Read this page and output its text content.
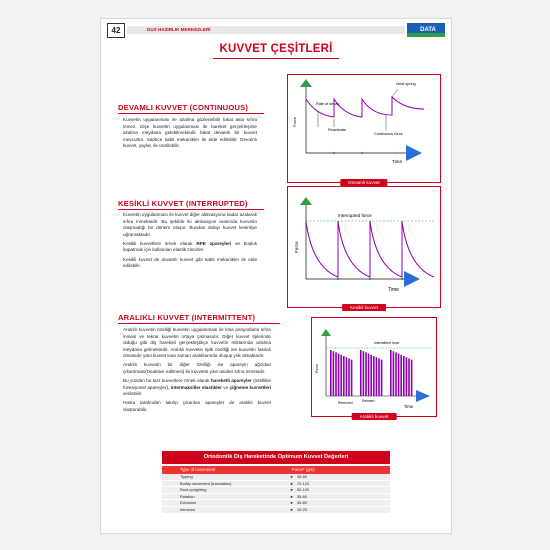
42	DUS HAZIRLIK MERKEZLERİ	DATA
KUVVET ÇEŞİTLERİ
DEVAMLI KUVVET (CONTINUOUS)
Kuvvetin uygulanması ile azalma gözlenebilir fakat asla sıfıra inmez. Dişe kuvvetin uygulanması ile hareket gerçekleşirse azalma meydana gelebilmektedir fakat devamlı bir kuvvet mevcuttur. Sadece sabit mekanikler ile elde edilebilir. Devamlı kuvvet, yaylar, ile üretilebilir.
Force
Rate of decay
Ideal spring
Reactivate
Continuous force
Time
Devamlı kuvvet
KESİKLİ KUVVET (INTERRUPTED)

Kuvvetin uygulanması ile kuvvet diğer aktivasyona kadar azalarak sıfıra inmektedir. Bu şekilde iki aktivasyon arasında kuvvetin oluşmadığı bir dönem oluşur. Bundan dolayı kuvvet kesintiye uğramaktadır.

Kesikli kuvvetlere örnek olarak RPE apareyleri ve boşluk kapatmak için kullanılan elastik zincirler.

Kesikli kuvvet de devamlı kuvvet gibi sabit mekanikler ile elde edilebilir.

Force
Interrupted force
Time
Kesikli kuvvet
ARALIKLI KUVVET (INTERMİTTENT)

Aralıklı kuvvetin özelliği kuvvetin uygulanması ile kısa periyodlarla sıfıra inmesi ve tekrar kuvvetin ortaya çıkmasıdır. Diğer kuvvet tiplerinde olduğu gibi diş hareketi gerçekleştikçe kuvvetin miktarında azalma meydana gelmektedir. Aralıklı kuvvetin tipik özelliği ise kuvvetin fasılalı olmasıdır yani kuvvet kısa zaman aralıklarında oluşup yok olmaktadır.

Aralıklı kuvvetin bir diğer özelliği ise apareyin ağızdan çıkarılması(Deaktive edilmesi) ile kuvvetin yine aniden sıfıra inmesidir.

Bu yüzden bu tarz kuvvetlere örnek olarak hareketli apareyler (özellikle fonksiyonel apareyler), intermaksiller elastikler ve çiğneme kuvvetleri verilebilir.

Hasta tarafından takılıp çıkarılan apareyler de aralıklı kuvvet oluşturabilir.

Force
Intermittent force
Removed	Reinsert
Time
Aralıklı kuvvet
Ortodontik Diş Hareketinde Optimum Kuvvet Değerleri
Type of movement	Force* (gm)
Tipping	► 35-60
Bodily movement (translation)	► 70-120
Root uprighting	► 50-100
Rotation	► 35-60
Extrusion	► 35-60
Intrusion	► 10-20
